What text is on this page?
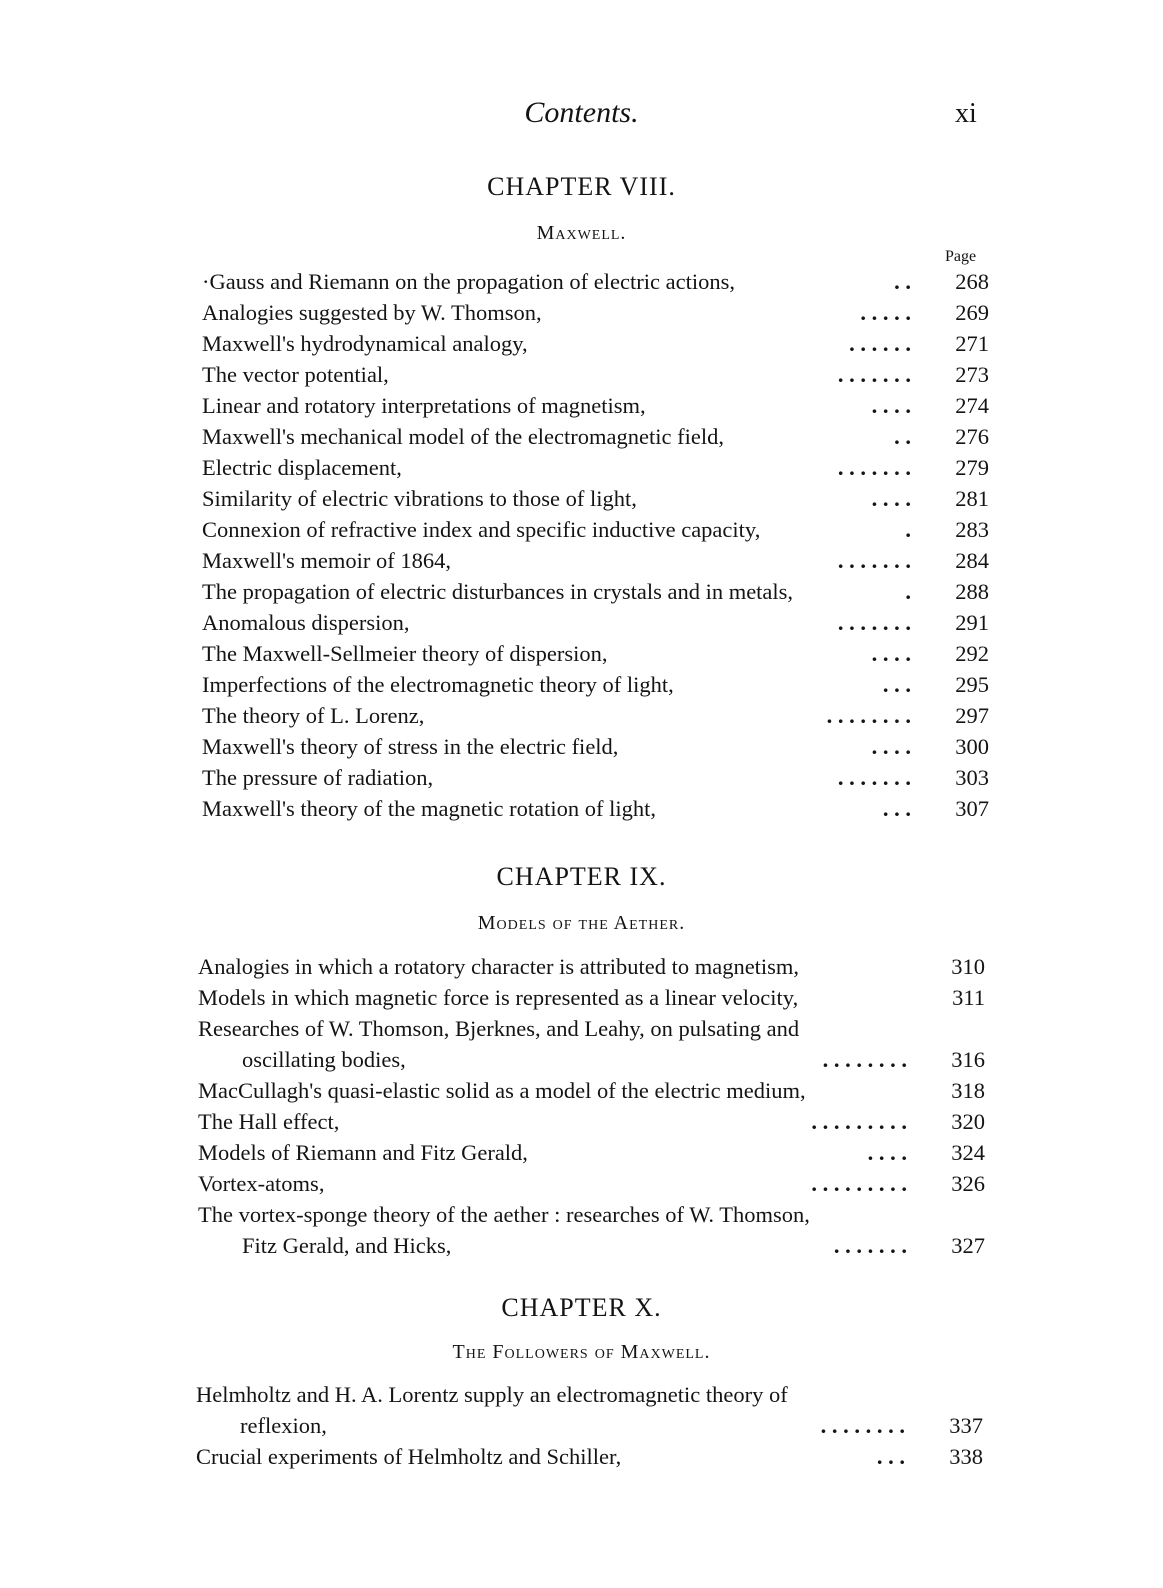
Contents.	xi
CHAPTER VIII.
Maxwell.
Page
·Gauss and Riemann on the propagation of electric actions,	. .	268
Analogies suggested by W. Thomson,	. . . . .	269
Maxwell's hydrodynamical analogy,	. . . . . .	271
The vector potential,	. . . . . . .	273
Linear and rotatory interpretations of magnetism,	. . . .	274
Maxwell's mechanical model of the electromagnetic field,	. .	276
Electric displacement,	. . . . . . .	279
Similarity of electric vibrations to those of light,	. . . .	281
Connexion of refractive index and specific inductive capacity,	.	283
Maxwell's memoir of 1864,	. . . . . . .	284
The propagation of electric disturbances in crystals and in metals,	.	288
Anomalous dispersion,	. . . . . . .	291
The Maxwell-Sellmeier theory of dispersion,	. . . .	292
Imperfections of the electromagnetic theory of light,	. . .	295
The theory of L. Lorenz,	. . . . . . . .	297
Maxwell's theory of stress in the electric field,	. . . .	300
The pressure of radiation,	. . . . . . .	303
Maxwell's theory of the magnetic rotation of light,	. . .	307
CHAPTER IX.
Models of the Aether.
Analogies in which a rotatory character is attributed to magnetism,	310
Models in which magnetic force is represented as a linear velocity,	311
Researches of W. Thomson, Bjerknes, and Leahy, on pulsating and
oscillating bodies,	. . . . . . . .	316
MacCullagh's quasi-elastic solid as a model of the electric medium,	318
The Hall effect,	. . . . . . . . .	320
Models of Riemann and Fitz Gerald,	. . . .	324
Vortex-atoms,	. . . . . . . . .	326
The vortex-sponge theory of the aether : researches of W. Thomson,
Fitz Gerald, and Hicks,	. . . . . . .	327
CHAPTER X.
The Followers of Maxwell.
Helmholtz and H. A. Lorentz supply an electromagnetic theory of
reflexion,	. . . . . . . .	337
Crucial experiments of Helmholtz and Schiller,	. . .	338
